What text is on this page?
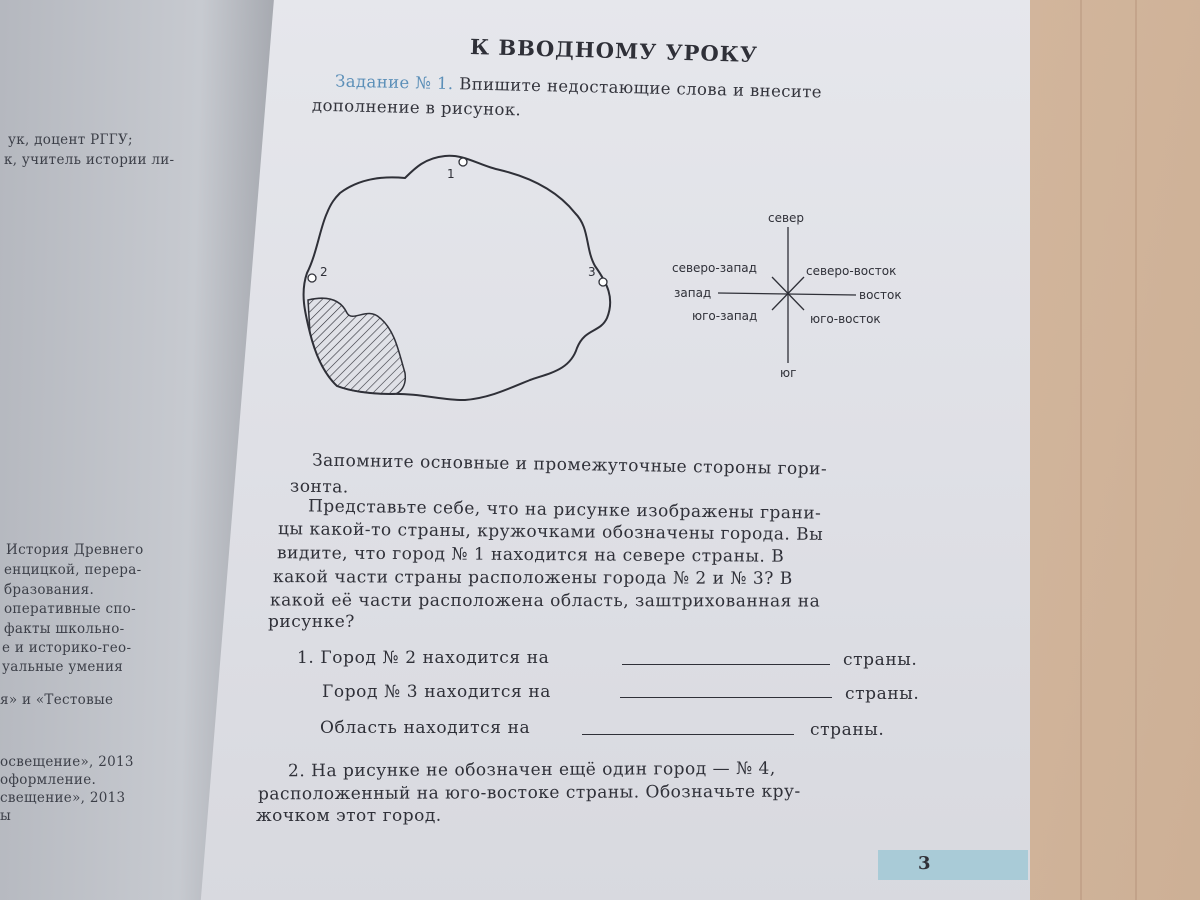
ук, доцент РГГУ;
к, учитель истории ли-
История Древнего
енцицкой, перера-
бразования.
оперативные спо-
факты школьно-
е и историко-гео-
уальные умения
я» и «Тестовые
освещение», 2013
оформление.
свещение», 2013
ы
К ВВОДНОМУ УРОКУ
Задание № 1. Впишите недостающие слова и внесите
дополнение в рисунок.
1
2	3
север
юг
запад	восток
северо-запад	северо-восток
юго-запад	юго-восток
Запомните основные и промежуточные стороны гори-
зонта.
Представьте себе, что на рисунке изображены грани-
цы какой-то страны, кружочками обозначены города. Вы
видите, что город № 1 находится на севере страны. В
какой части страны расположены города № 2 и № 3? В
какой её части расположена область, заштрихованная на
рисунке?
1. Город № 2 находится на	страны.
Город № 3 находится на	страны.
Область находится на	страны.
2. На рисунке не обозначен ещё один город — № 4,
расположенный на юго-востоке страны. Обозначьте кру-
жочком этот город.
3
